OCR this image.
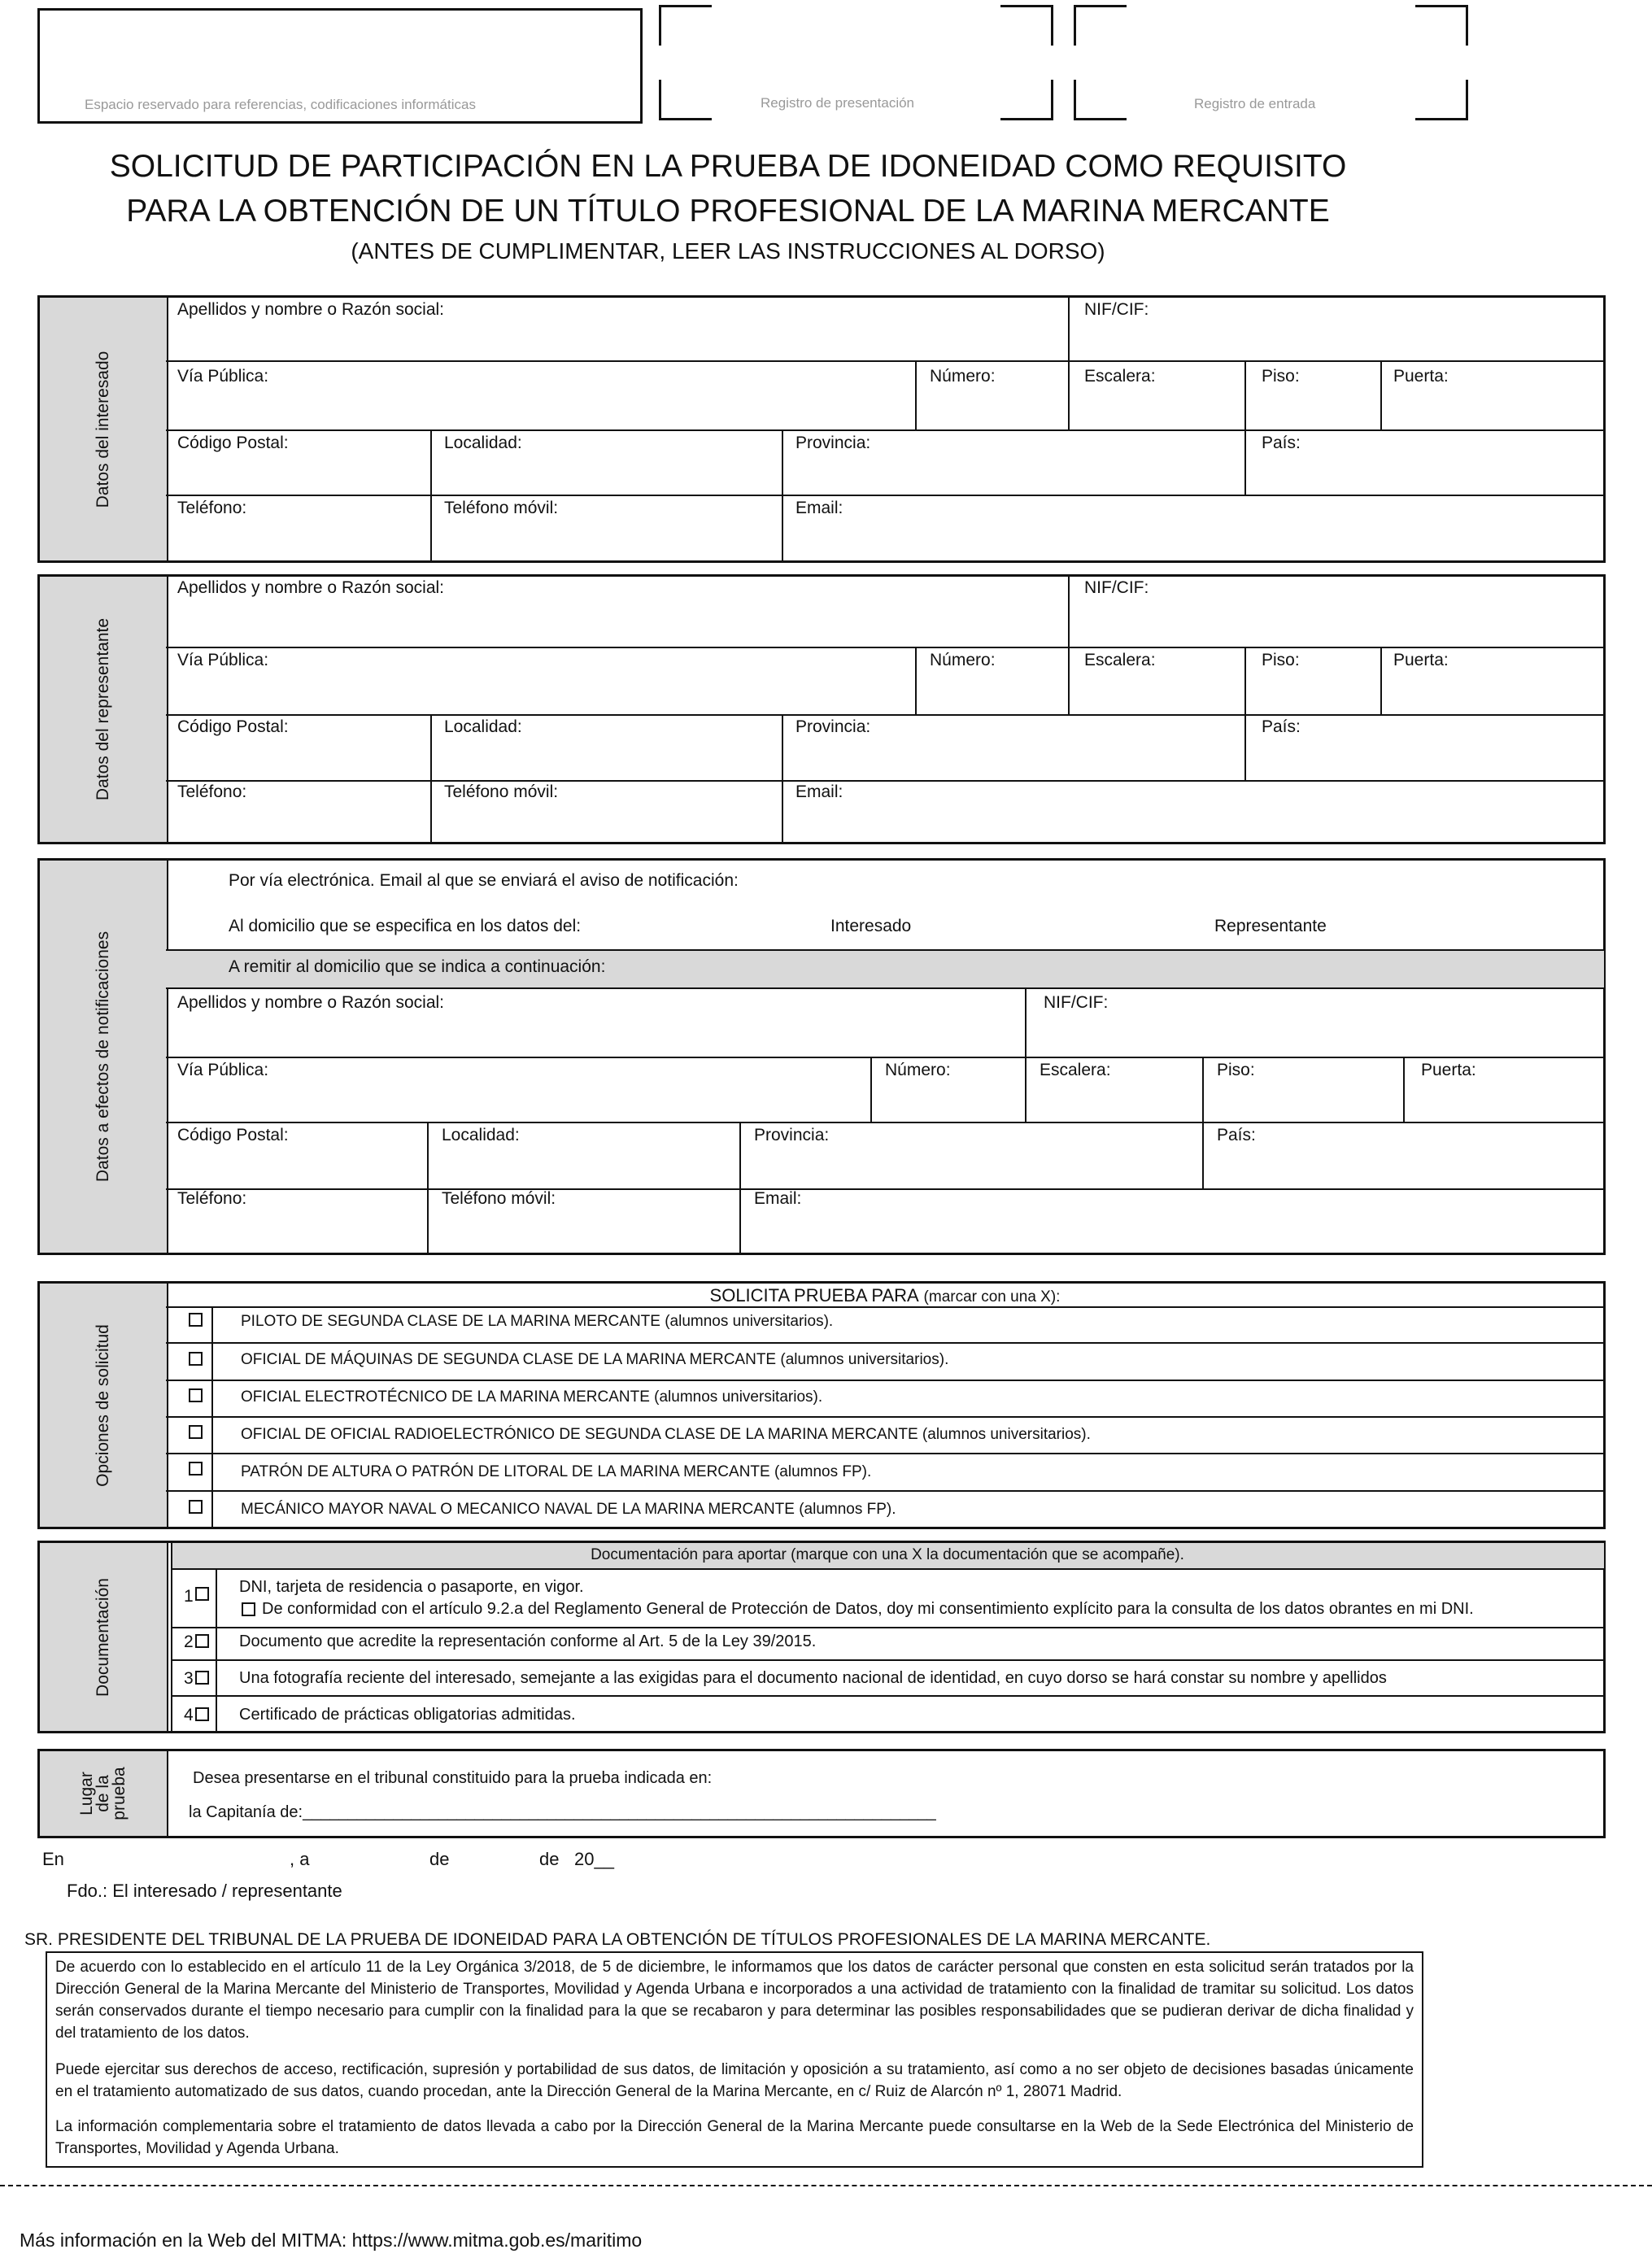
Espacio reservado para referencias, codificaciones informáticas	Registro de presentación	Registro de entrada
SOLICITUD DE PARTICIPACIÓN EN LA PRUEBA DE IDONEIDAD COMO REQUISITO
PARA LA OBTENCIÓN DE UN TÍTULO PROFESIONAL DE LA MARINA MERCANTE
(ANTES DE CUMPLIMENTAR, LEER LAS INSTRUCCIONES AL DORSO)
Datos del interesado
Apellidos y nombre o Razón social:	NIF/CIF:
Vía Pública:	Número:	Escalera:	Piso:	Puerta:
Código Postal:	Localidad:	Provincia:	País:
Teléfono:	Teléfono móvil:	Email:
Datos del representante
Apellidos y nombre o Razón social:	NIF/CIF:
Vía Pública:	Número:	Escalera:	Piso:	Puerta:
Código Postal:	Localidad:	Provincia:	País:
Teléfono:	Teléfono móvil:	Email:
Datos a efectos de notificaciones
Por vía electrónica. Email al que se enviará el aviso de notificación:
Al domicilio que se especifica en los datos del:	Interesado	Representante
A remitir al domicilio que se indica a continuación:
Apellidos y nombre o Razón social:	NIF/CIF:
Vía Pública:	Número:	Escalera:	Piso:	Puerta:
Código Postal:	Localidad:	Provincia:	País:
Teléfono:	Teléfono móvil:	Email:
Opciones de solicitud
SOLICITA PRUEBA PARA (marcar con una X):
PILOTO DE SEGUNDA CLASE DE LA MARINA MERCANTE (alumnos universitarios).
OFICIAL DE MÁQUINAS DE SEGUNDA CLASE DE LA MARINA MERCANTE (alumnos universitarios).
OFICIAL ELECTROTÉCNICO DE LA MARINA MERCANTE (alumnos universitarios).
OFICIAL DE OFICIAL RADIOELECTRÓNICO DE SEGUNDA CLASE DE LA MARINA MERCANTE (alumnos universitarios).
PATRÓN DE ALTURA O PATRÓN DE LITORAL DE LA MARINA MERCANTE (alumnos FP).
MECÁNICO MAYOR NAVAL O MECANICO NAVAL DE LA MARINA MERCANTE (alumnos FP).
Documentación
Documentación para aportar (marque con una X la documentación que se acompañe).
1	DNI, tarjeta de residencia o pasaporte, en vigor.
De conformidad con el artículo 9.2.a del Reglamento General de Protección de Datos, doy mi consentimiento explícito para la consulta de los datos obrantes en mi DNI.
2	Documento que acredite la representación conforme al Art. 5 de la Ley 39/2015.
3	Una fotografía reciente del interesado, semejante a las exigidas para el documento nacional de identidad, en cuyo dorso se hará constar su nombre y apellidos
4	Certificado de prácticas obligatorias admitidas.
Lugar
de la
prueba	Desea presentarse en el tribunal constituido para la prueba indicada en:
la Capitanía de:______________________________________________________________________
En	, a	de	de 20__
Fdo.: El interesado / representante
SR. PRESIDENTE DEL TRIBUNAL DE LA PRUEBA DE IDONEIDAD PARA LA OBTENCIÓN DE TÍTULOS PROFESIONALES DE LA MARINA MERCANTE.
De acuerdo con lo establecido en el artículo 11 de la Ley Orgánica 3/2018, de 5 de diciembre, le informamos que los datos de carácter personal que consten en esta solicitud serán tratados por la Dirección General de la Marina Mercante del Ministerio de Transportes, Movilidad y Agenda Urbana e incorporados a una actividad de tratamiento con la finalidad de tramitar su solicitud. Los datos serán conservados durante el tiempo necesario para cumplir con la finalidad para la que se recabaron y para determinar las posibles responsabilidades que se pudieran derivar de dicha finalidad y del tratamiento de los datos.
Puede ejercitar sus derechos de acceso, rectificación, supresión y portabilidad de sus datos, de limitación y oposición a su tratamiento, así como a no ser objeto de decisiones basadas únicamente en el tratamiento automatizado de sus datos, cuando procedan, ante la Dirección General de la Marina Mercante, en c/ Ruiz de Alarcón nº 1, 28071 Madrid.
La información complementaria sobre el tratamiento de datos llevada a cabo por la Dirección General de la Marina Mercante puede consultarse en la Web de la Sede Electrónica del Ministerio de Transportes, Movilidad y Agenda Urbana.
Más información en la Web del MITMA: https://www.mitma.gob.es/maritimo
